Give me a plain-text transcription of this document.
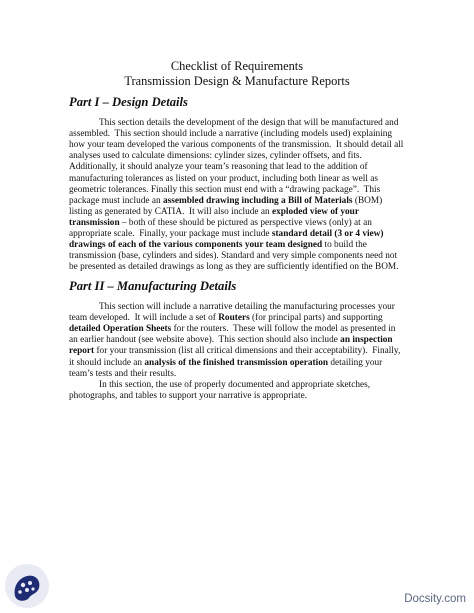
Checklist of Requirements
Transmission Design & Manufacture Reports
Part I – Design Details
This section details the development of the design that will be manufactured and
assembled.  This section should include a narrative (including models used) explaining
how your team developed the various components of the transmission.  It should detail all
analyses used to calculate dimensions: cylinder sizes, cylinder offsets, and fits.
Additionally, it should analyze your team’s reasoning that lead to the addition of
manufacturing tolerances as listed on your product, including both linear as well as
geometric tolerances. Finally this section must end with a “drawing package”.  This
package must include an assembled drawing including a Bill of Materials (BOM)
listing as generated by CATIA.  It will also include an exploded view of your
transmission – both of these should be pictured as perspective views (only) at an
appropriate scale.  Finally, your package must include standard detail (3 or 4 view)
drawings of each of the various components your team designed to build the
transmission (base, cylinders and sides). Standard and very simple components need not
be presented as detailed drawings as long as they are sufficiently identified on the BOM.
Part II – Manufacturing Details
This section will include a narrative detailing the manufacturing processes your
team developed.  It will include a set of Routers (for principal parts) and supporting
detailed Operation Sheets for the routers.  These will follow the model as presented in
an earlier handout (see website above).  This section should also include an inspection
report for your transmission (list all critical dimensions and their acceptability).  Finally,
it should include an analysis of the finished transmission operation detailing your
team’s tests and their results.
In this section, the use of properly documented and appropriate sketches,
photographs, and tables to support your narrative is appropriate.
Docsity.com
